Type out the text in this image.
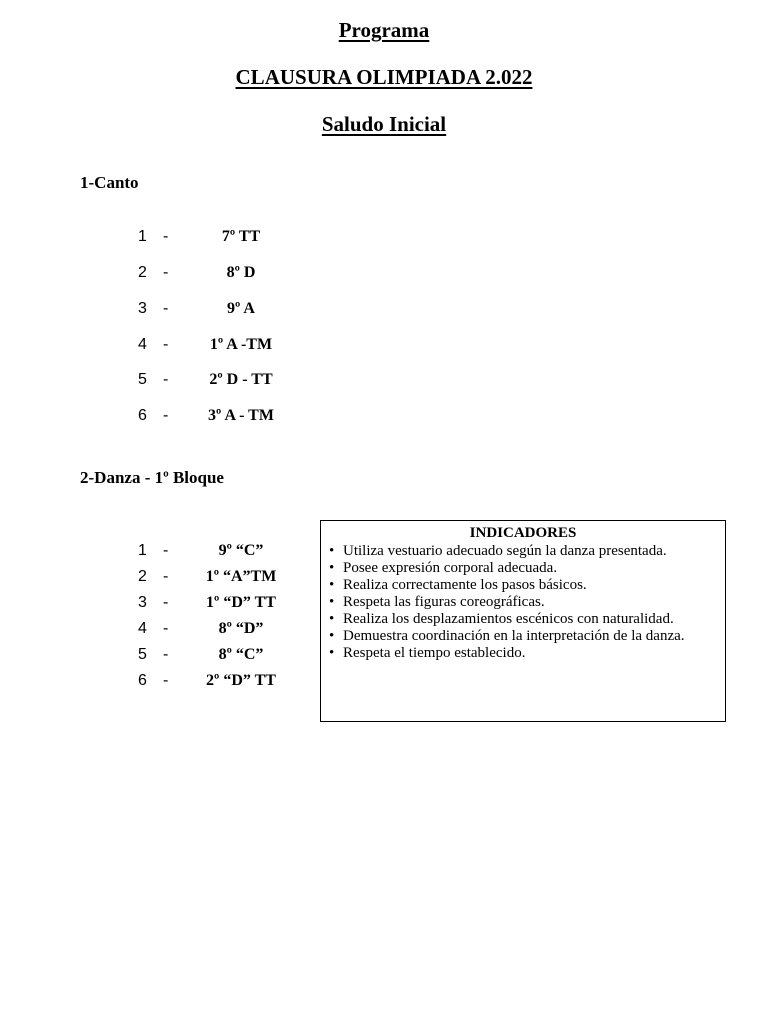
Programa
CLAUSURA OLIMPIADA 2.022
Saludo Inicial

1-Canto

1 -	7º TT
2 -	8º D
3 -	9º A
4 -	1º A -TM
5 -	2º D - TT
6 -	3º A - TM

2-Danza - 1º Bloque

1 -	9º “C”
2 -	1º “A”TM
3 -	1º “D” TT
4 -	8º “D”
5 -	8º “C”
6 -	2º “D” TT

INDICADORES

• Utiliza vestuario adecuado según la danza presentada.
• Posee expresión corporal adecuada.
• Realiza correctamente los pasos básicos.
• Respeta las figuras coreográficas.
• Realiza los desplazamientos escénicos con naturalidad.
• Demuestra coordinación en la interpretación de la danza.
• Respeta el tiempo establecido.
